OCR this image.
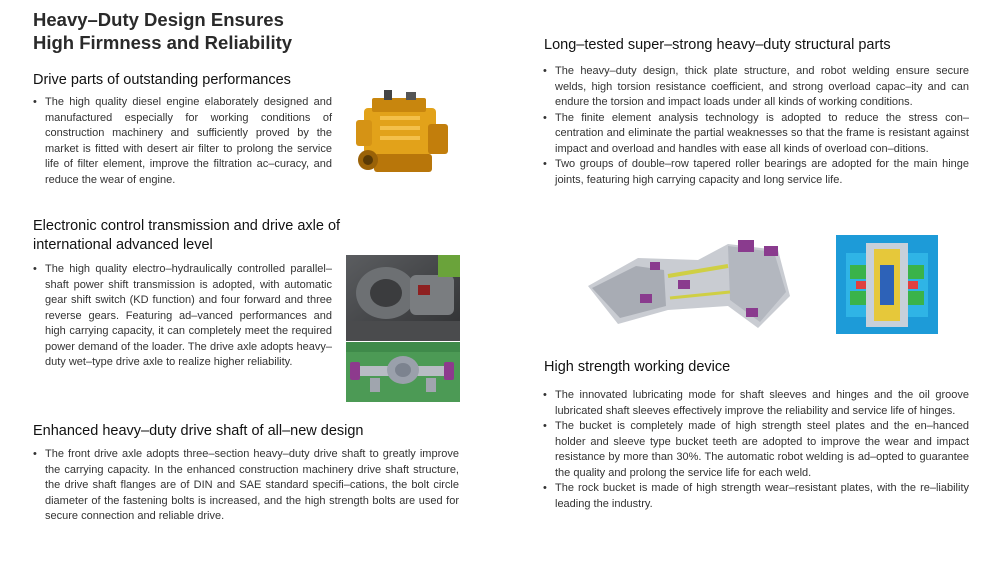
Heavy–Duty Design Ensures
High Firmness and Reliability
Drive parts of outstanding performances
• The high quality diesel engine elaborately designed and manufactured especially for working conditions of construction machinery and sufficiently proved by the market is fitted with desert air filter to prolong the service life of filter element, improve the filtration ac–curacy, and reduce the wear of engine.
Electronic control transmission and drive axle of
international advanced level
• The high quality electro–hydraulically controlled parallel–shaft power shift transmission is adopted, with automatic gear shift switch (KD function) and four forward and three reverse gears. Featuring ad–vanced performances and high carrying capacity, it can completely meet the required power demand of the loader. The drive axle adopts heavy–duty wet–type drive axle to realize higher reliability.
Enhanced heavy–duty drive shaft of all–new design
• The front drive axle adopts three–section heavy–duty drive shaft to greatly improve the carrying capacity. In the enhanced construction machinery drive shaft structure, the drive shaft flanges are of DIN and SAE standard specifi–cations, the bolt circle diameter of the fastening bolts is increased, and the high strength bolts are used for secure connection and reliable drive.
Long–tested super–strong heavy–duty structural parts
• The heavy–duty design, thick plate structure, and robot welding ensure secure welds, high torsion resistance coefficient, and strong overload capac–ity and can endure the torsion and impact loads under all kinds of working conditions.
• The finite element analysis technology is adopted to reduce the stress con–centration and eliminate the partial weaknesses so that the frame is resistant against impact and overload and handles with ease all kinds of overload con–ditions.
• Two groups of double–row tapered roller bearings are adopted for the main hinge joints, featuring high carrying capacity and long service life.
High strength working device
• The innovated lubricating mode for shaft sleeves and hinges and the oil groove lubricated shaft sleeves effectively improve the reliability and service life of hinges.
• The bucket is completely made of high strength steel plates and the en–hanced holder and sleeve type bucket teeth are adopted to improve the wear and impact resistance by more than 30%. The automatic robot welding is ad–opted to guarantee the quality and prolong the service life for each weld.
• The rock bucket is made of high strength wear–resistant plates, with the re–liability leading the industry.
